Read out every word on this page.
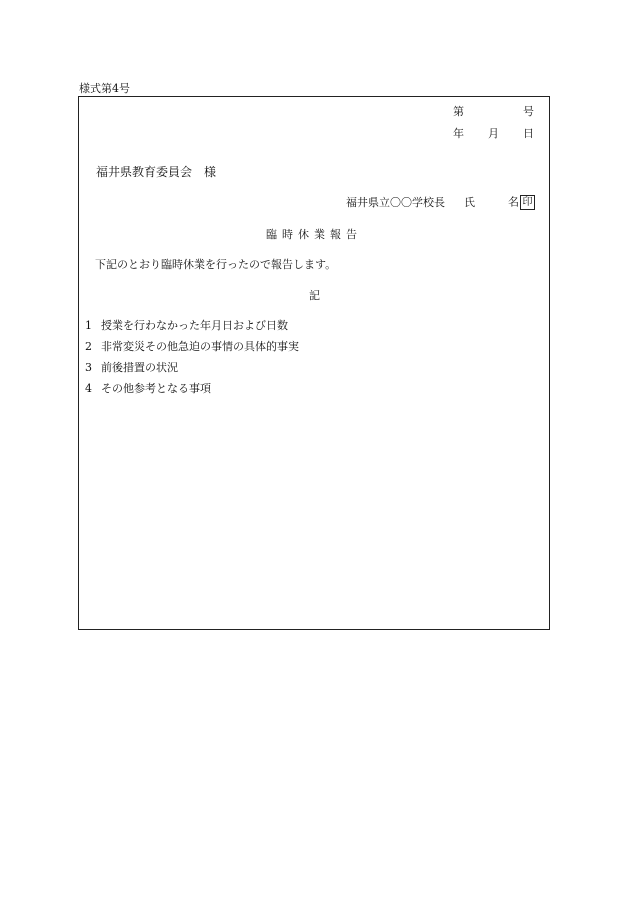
様式第4号
第	号
年 月 日
福井県教育委員会　様
福井県立〇〇学校長 氏	名 印
臨時休業報告
下記のとおり臨時休業を行ったので報告します。
記
1 授業を行わなかった年月日および日数
2 非常変災その他急迫の事情の具体的事実
3 前後措置の状況
4 その他参考となる事項
